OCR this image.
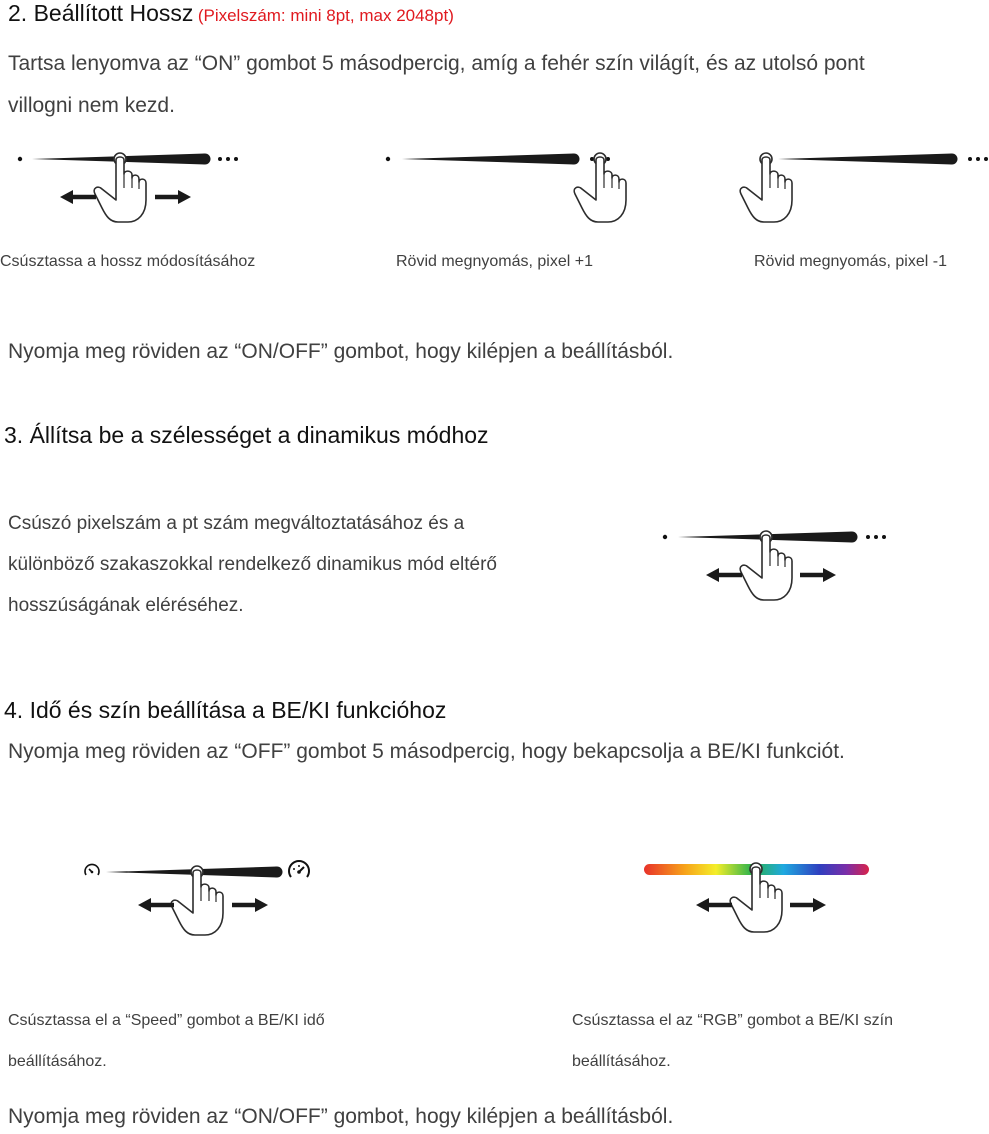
2. Beállított Hossz (Pixelszám: mini 8pt, max 2048pt)
Tartsa lenyomva az “ON” gombot 5 másodpercig, amíg a fehér szín világít, és az utolsó pont
villogni nem kezd.
Csúsztassa a hossz módosításához	Rövid megnyomás, pixel +1	Rövid megnyomás, pixel -1
Nyomja meg röviden az “ON/OFF” gombot, hogy kilépjen a beállításból.
3. Állítsa be a szélességet a dinamikus módhoz
Csúszó pixelszám a pt szám megváltoztatásához és a
különböző szakaszokkal rendelkező dinamikus mód eltérő
hosszúságának eléréséhez.
4. Idő és szín beállítása a BE/KI funkcióhoz
Nyomja meg röviden az “OFF” gombot 5 másodpercig, hogy bekapcsolja a BE/KI funkciót.
Csúsztassa el a “Speed” gombot a BE/KI idő
beállításához.
Csúsztassa el az “RGB” gombot a BE/KI szín
beállításához.
Nyomja meg röviden az “ON/OFF” gombot, hogy kilépjen a beállításból.
